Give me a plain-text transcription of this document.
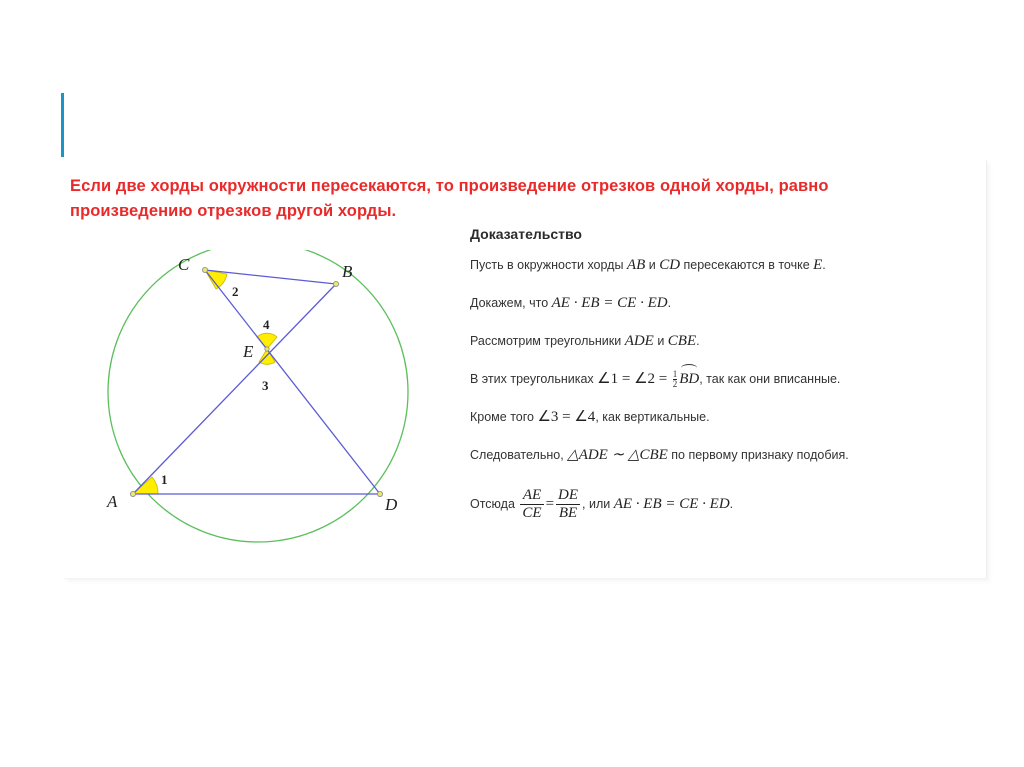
Если две хорды окружности пересекаются, то произведение отрезков одной хорды, равно
произведению отрезков другой хорды.
C	B
A	D
E
1
2
3
4
Доказательство
Пусть в окружности хорды AB и CD пересекаются в точке E.
Докажем, что AE · EB = CE · ED.
Рассмотрим треугольники ADE и CBE.
В этих треугольниках ∠1 = ∠2 = $\frac{1}{2}$ BD, так как они вписанные.
Кроме того ∠3 = ∠4, как вертикальные.
Следовательно, △ADE ∼ △CBE по первому признаку подобия.
Отсюда $\frac{AE}{CE} = \frac{DE}{BE}$ , или AE · EB = CE · ED.
